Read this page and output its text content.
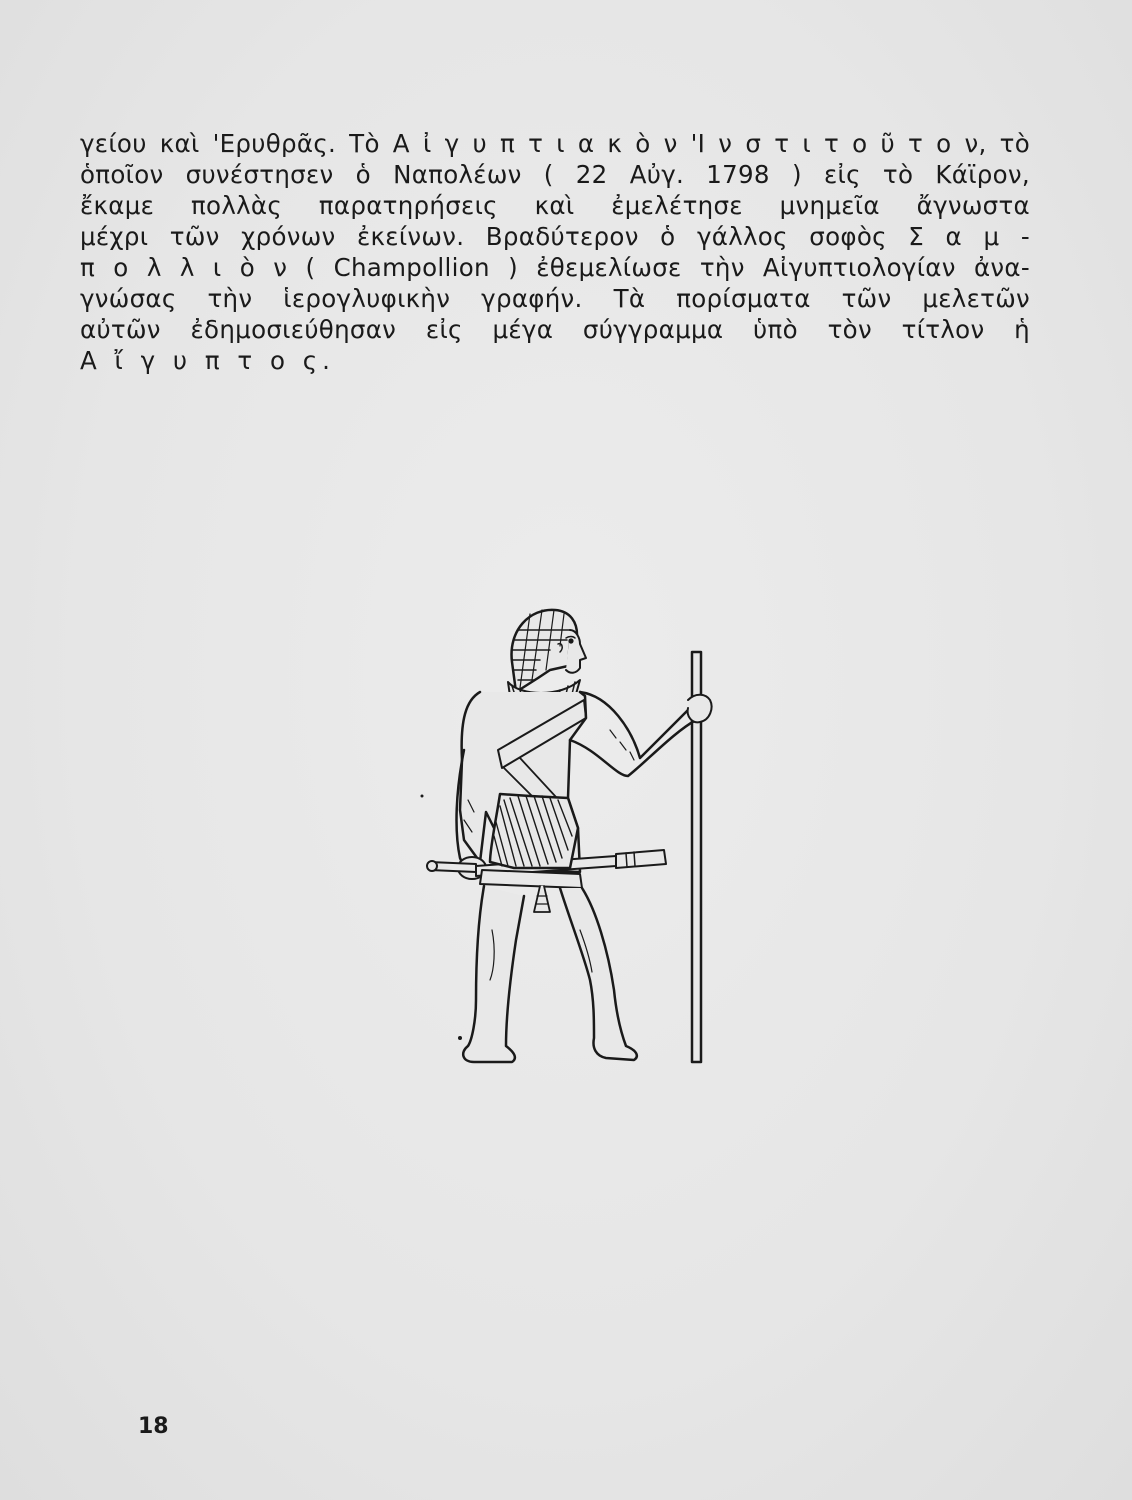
γείου καὶ 'Ερυθρᾶς. Τὸ Α ἰ γ υ π τ ι α κ ὸ ν 'Ι ν σ τ ι τ ο ῦ τ ο ν, τὸ
ὁποῖον συνέστησεν ὁ Ναπολέων ( 22 Αὐγ. 1798 ) εἰς τὸ Κάϊρον,
ἔκαμε πολλὰς παρατηρήσεις καὶ ἐμελέτησε μνημεῖα ἄγνωστα
μέχρι τῶν χρόνων ἐκείνων. Βραδύτερον ὁ γάλλος σοφὸς Σ α μ -
π ο λ λ ι ὸ ν ( Champollion ) ἐθεμελίωσε τὴν Αἰγυπτιολογίαν ἀνα-
γνώσας τὴν ἱερογλυφικὴν γραφήν. Τὰ πορίσματα τῶν μελετῶν
αὐτῶν ἐδημοσιεύθησαν εἰς μέγα σύγγραμμα ὑπὸ τὸν τίτλον ἡ
Α ἴ γ υ π τ ο ς.
18
